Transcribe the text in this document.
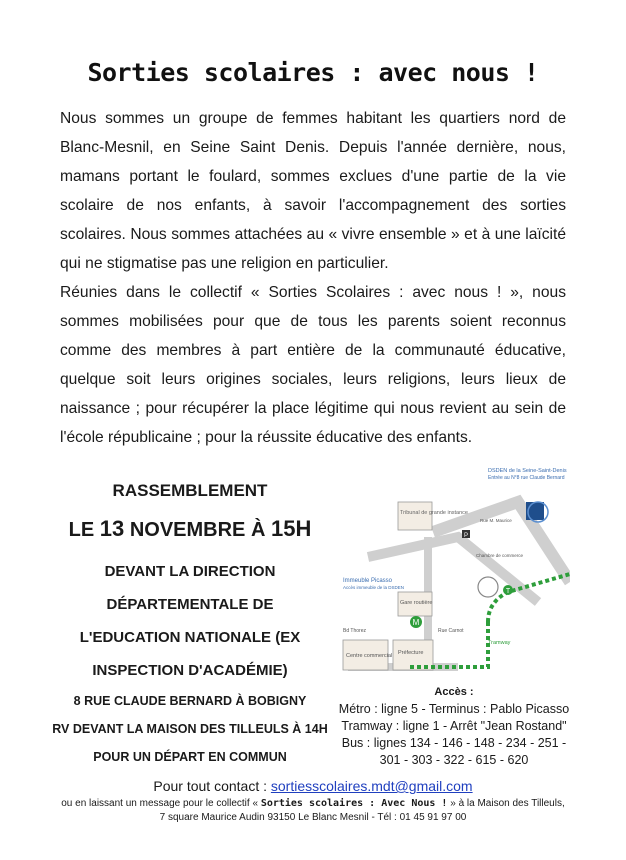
Sorties scolaires : avec nous !

Nous sommes un groupe de femmes habitant les quartiers nord de Blanc-Mesnil, en Seine Saint Denis. Depuis l'année dernière, nous, mamans portant le foulard, sommes exclues d'une partie de la vie scolaire de nos enfants, à savoir l'accompagnement des sorties scolaires. Nous sommes attachées au « vivre ensemble » et à une laïcité qui ne stigmatise pas une religion en particulier.

Réunies dans le collectif « Sorties Scolaires : avec nous ! », nous sommes mobilisées pour que de tous les parents soient reconnus comme des membres à part entière de la communauté éducative, quelque soit leurs origines sociales, leurs religions, leurs lieux de naissance ; pour récupérer la place légitime qui nous revient au sein de l'école républicaine ; pour la réussite éducative des enfants.

RASSEMBLEMENT
LE 13 NOVEMBRE À 15H
DEVANT LA DIRECTION
DÉPARTEMENTALE DE
L'EDUCATION NATIONALE (EX
INSPECTION D'ACADÉMIE)
8 RUE CLAUDE BERNARD À BOBIGNY
RV DEVANT LA MAISON DES TILLEULS À 14H
POUR UN DÉPART EN COMMUN
M
T
P
DSDEN de la Seine-Saint-Denis
Entrée au N°8 rue Claude Bernard
Tribunal de grande instance
Immeuble Picasso
Accès immeuble de la DSDEN
Gare routière
Centre commercial Préfecture
Tramway
Rue Carnot
Bd Thorez
Chambre de commerce
Rue M. Maurice
Accès :
Métro : ligne 5 - Terminus : Pablo Picasso
Tramway : ligne 1 - Arrêt "Jean Rostand"
Bus : lignes 134 - 146 - 148 - 234 - 251 -
301 - 303 - 322 - 615 - 620
Pour tout contact : sortiesscolaires.mdt@gmail.com
ou en laissant un message pour le collectif « Sorties scolaires : Avec Nous ! » à la Maison des Tilleuls, 7 square Maurice Audin 93150 Le Blanc Mesnil - Tél : 01 45 91 97 00
